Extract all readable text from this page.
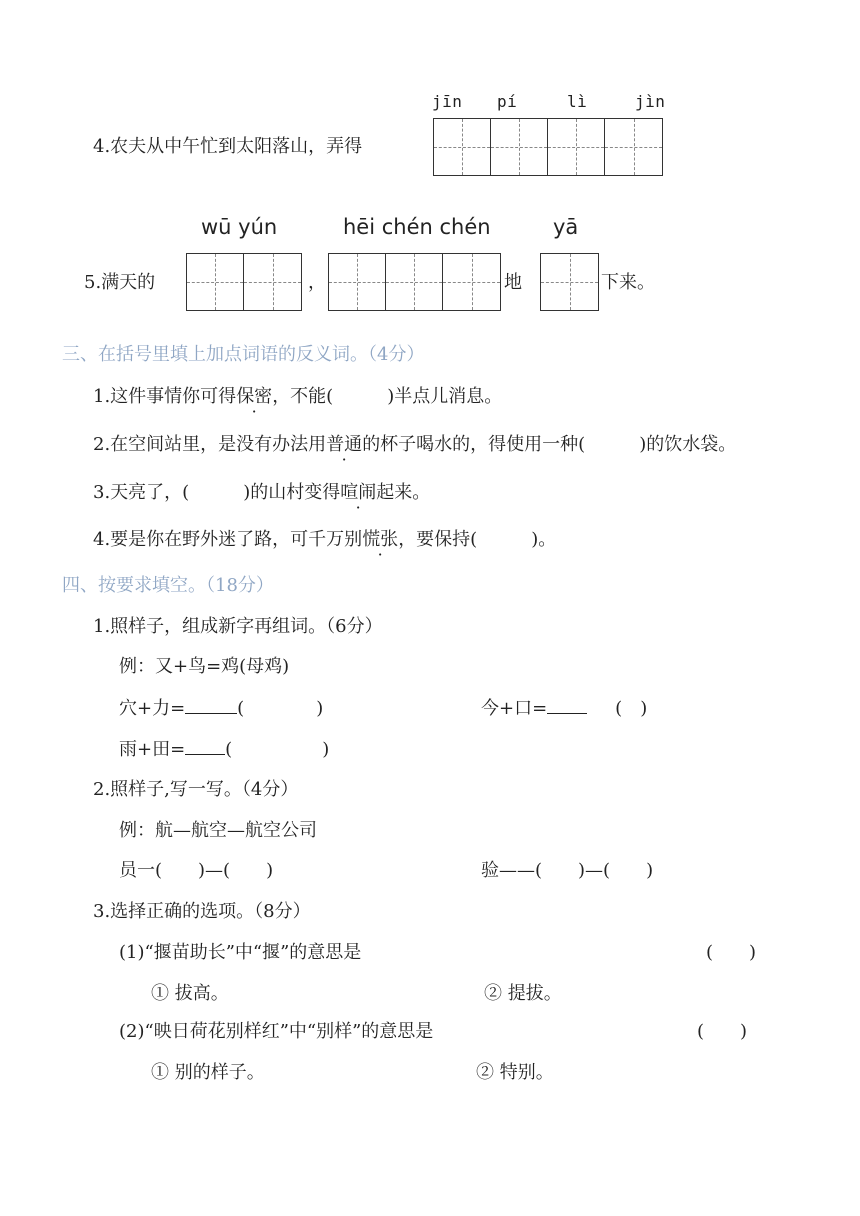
jīn pí	lì	jìn
4.农夫从中午忙到太阳落山，弄得
wū yún	hēi chén chén	yā
5.满天的	，	地	下来。
三、在括号里填上加点词语的反义词。（4分）
1.这件事情你可得保密，不能(　　　)半点儿消息。
2.在空间站里，是没有办法用普通的杯子喝水的，得使用一种(　　　)的饮水袋。
3.天亮了，(　　　)的山村变得喧闹起来。
4.要是你在野外迷了路，可千万别慌张，要保持(　　　)。
四、按要求填空。（18分）
1.照样子，组成新字再组词。（6分）
例：又+鸟=鸡(母鸡)
穴+力=	(　　　　)	今+口=	(　)
雨+田= (　　　　　)
2.照样子,写一写。（4分）
例：航—航空—航空公司
员一(　　)—(　　)	验——(　　)—(　　)
3.选择正确的选项。（8分）
(1)“揠苗助长”中“揠”的意思是	(　　)
① 拔高。	② 提拔。
(2)“映日荷花别样红”中“别样”的意思是	(　　)
① 别的样子。	② 特别。
